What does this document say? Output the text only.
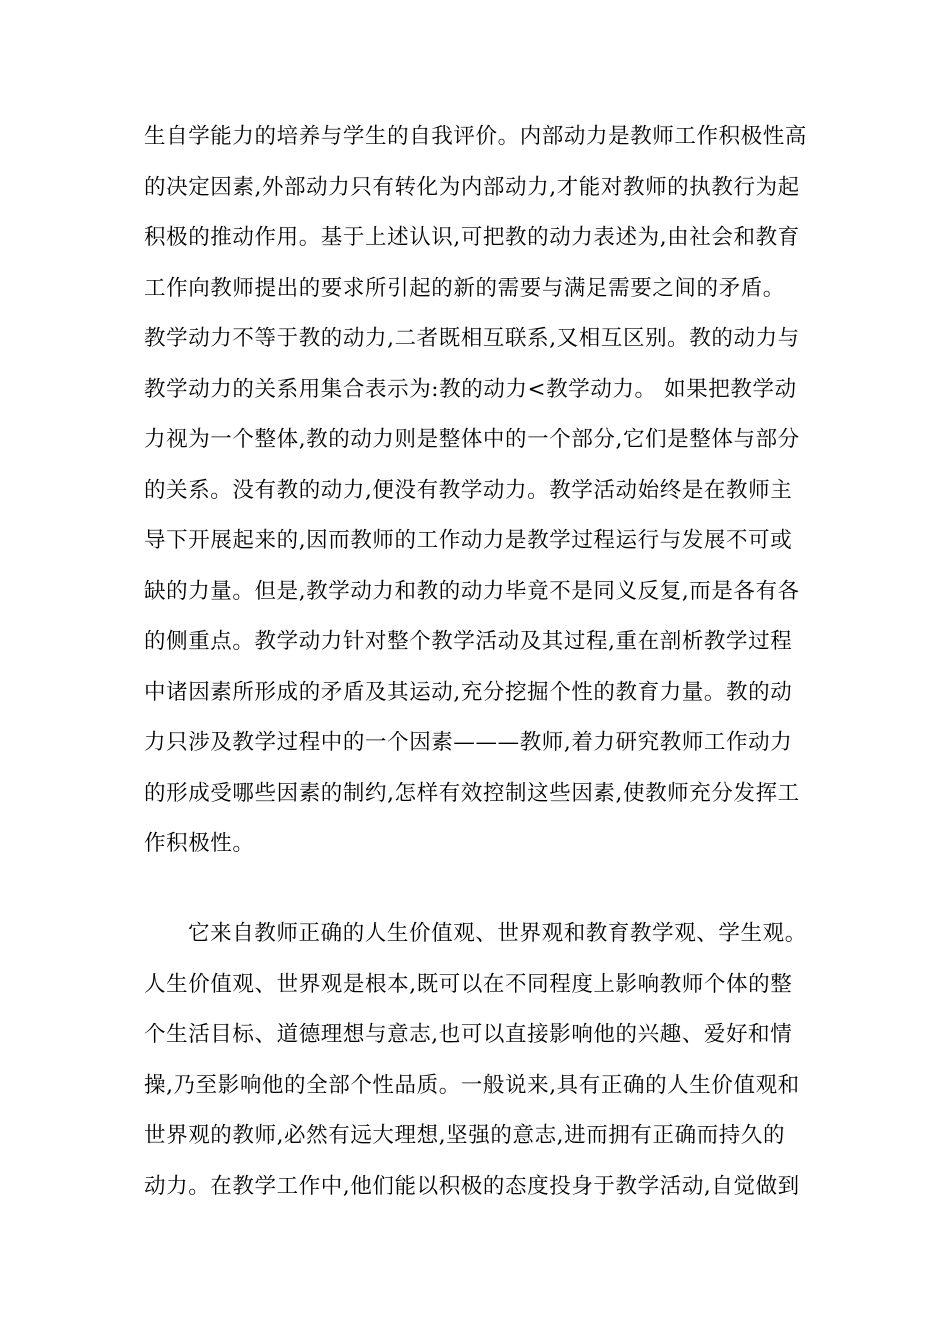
生自学能力的培养与学生的自我评价。内部动力是教师工作积极性高
的决定因素,外部动力只有转化为内部动力,才能对教师的执教行为起
积极的推动作用。基于上述认识,可把教的动力表述为,由社会和教育
工作向教师提出的要求所引起的新的需要与满足需要之间的矛盾。
教学动力不等于教的动力,二者既相互联系,又相互区别。教的动力与
教学动力的关系用集合表示为:教的动力<教学动力。 如果把教学动
力视为一个整体,教的动力则是整体中的一个部分,它们是整体与部分
的关系。没有教的动力,便没有教学动力。教学活动始终是在教师主
导下开展起来的,因而教师的工作动力是教学过程运行与发展不可或
缺的力量。但是,教学动力和教的动力毕竟不是同义反复,而是各有各
的侧重点。教学动力针对整个教学活动及其过程,重在剖析教学过程
中诸因素所形成的矛盾及其运动,充分挖掘个性的教育力量。教的动
力只涉及教学过程中的一个因素———教师,着力研究教师工作动力
的形成受哪些因素的制约,怎样有效控制这些因素,使教师充分发挥工
作积极性。

它来自教师正确的人生价值观、世界观和教育教学观、学生观。
人生价值观、世界观是根本,既可以在不同程度上影响教师个体的整
个生活目标、道德理想与意志,也可以直接影响他的兴趣、爱好和情
操,乃至影响他的全部个性品质。一般说来,具有正确的人生价值观和
世界观的教师,必然有远大理想,坚强的意志,进而拥有正确而持久的
动力。在教学工作中,他们能以积极的态度投身于教学活动,自觉做到
